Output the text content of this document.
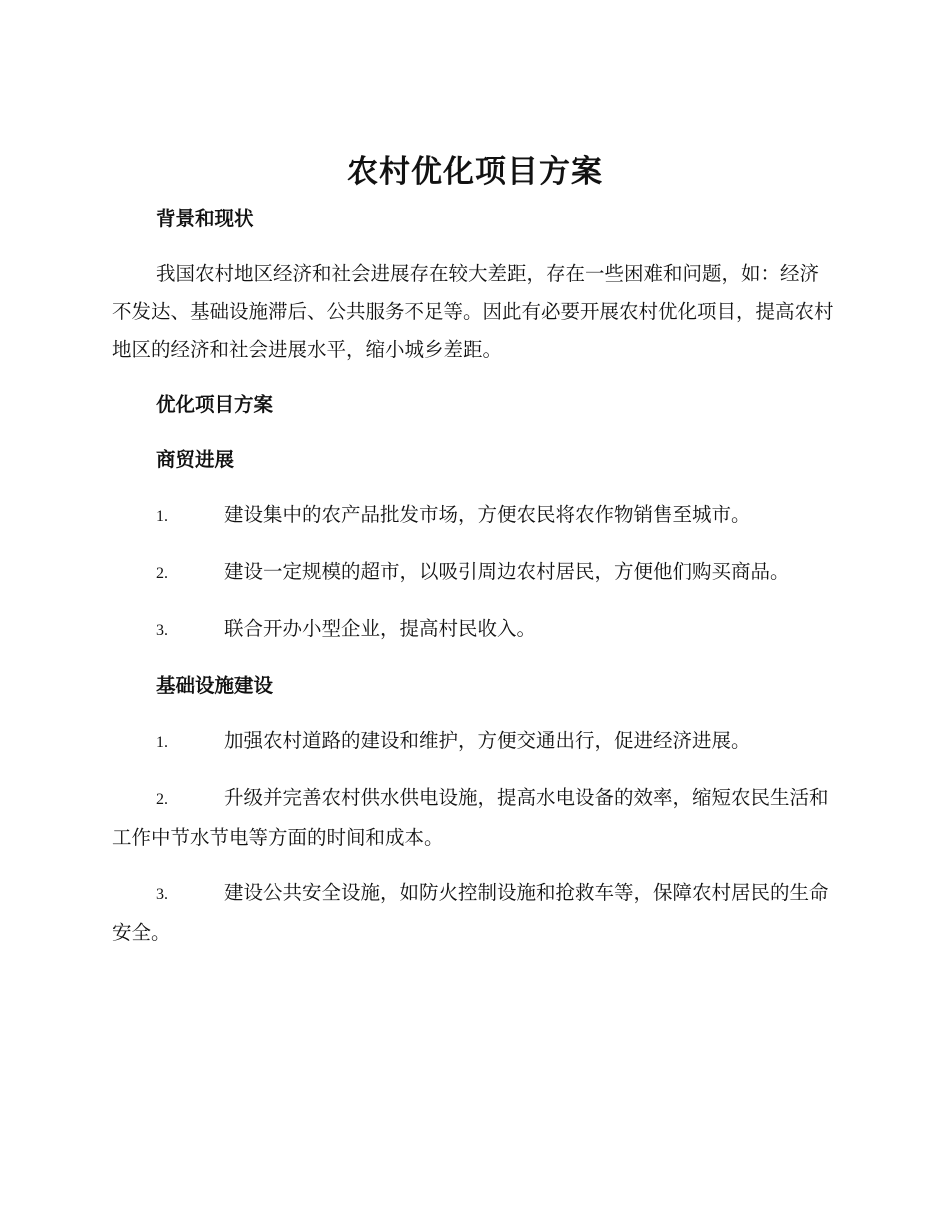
农村优化项目方案

背景和现状

我国农村地区经济和社会进展存在较大差距，存在一些困难和问题，如：经济不发达、基础设施滞后、公共服务不足等。因此有必要开展农村优化项目，提高农村地区的经济和社会进展水平，缩小城乡差距。

优化项目方案

商贸进展

1.	建设集中的农产品批发市场，方便农民将农作物销售至城市。

2.	建设一定规模的超市，以吸引周边农村居民，方便他们购买商品。

3.	联合开办小型企业，提高村民收入。

基础设施建设

1.	加强农村道路的建设和维护，方便交通出行，促进经济进展。

2.	升级并完善农村供水供电设施，提高水电设备的效率，缩短农民生活和工作中节水节电等方面的时间和成本。

3.	建设公共安全设施，如防火控制设施和抢救车等，保障农村居民的生命安全。
